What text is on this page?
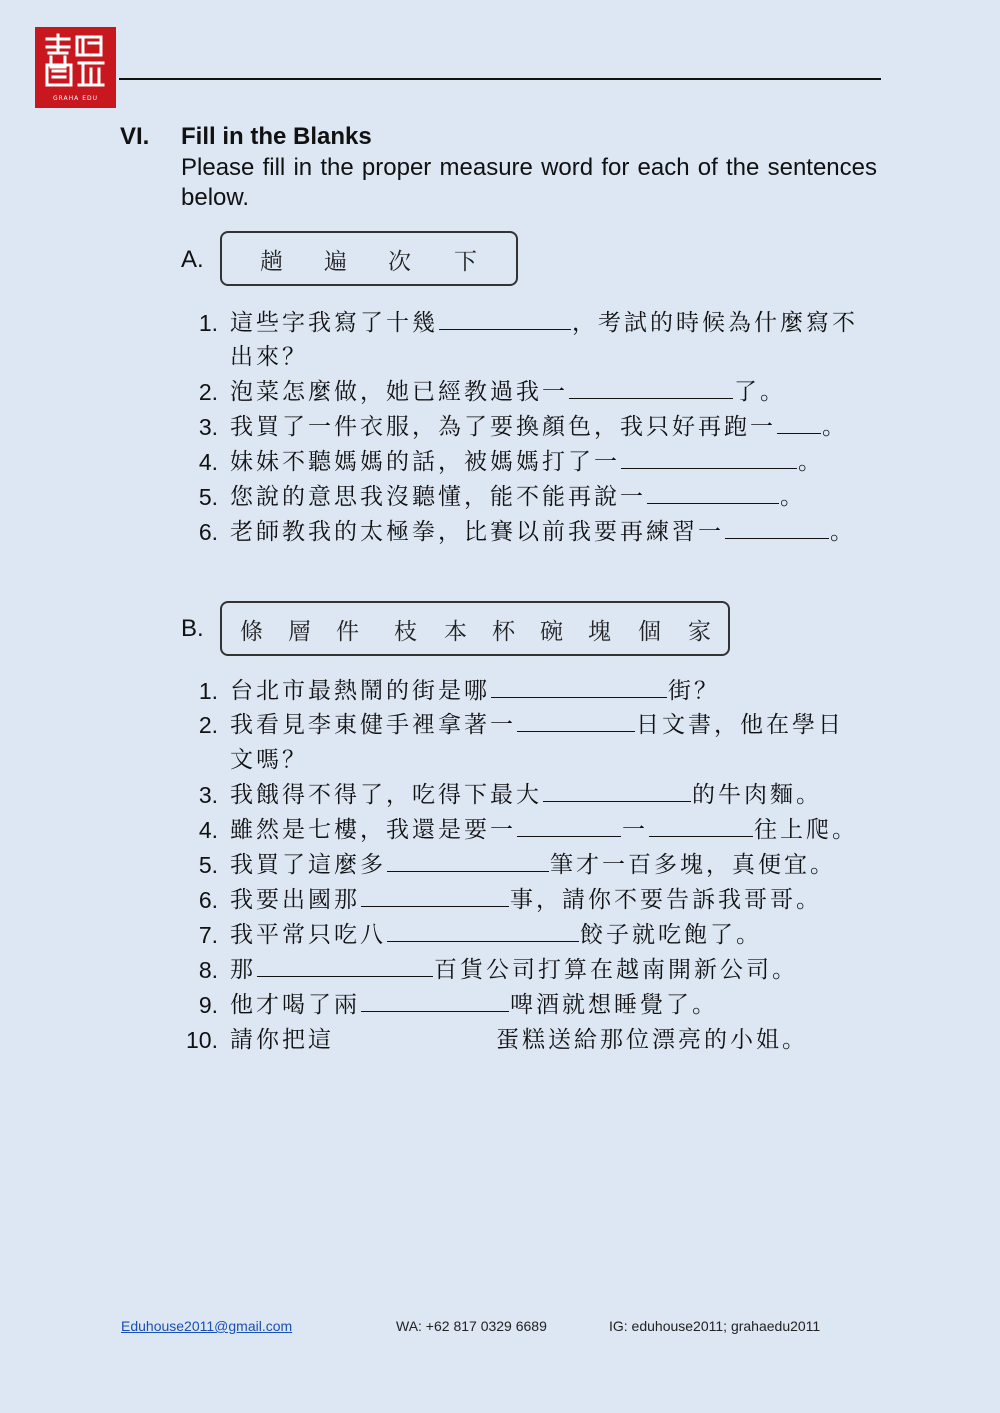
GRAHA EDU
VI. Fill in the Blanks
Please fill in the proper measure word for each of the sentences below.
A. 趟 遍 次 下
1. 這些字我寫了十幾	，考試的時候為什麼寫不
出來？
2. 泡菜怎麼做，她已經教過我一	了。
3. 我買了一件衣服，為了要換顏色，我只好再跑一 。
4. 妹妹不聽媽媽的話，被媽媽打了一	。
5. 您說的意思我沒聽懂，能不能再說一	。
6. 老師教我的太極拳，比賽以前我要再練習一	。
B. 條 層 件 枝 本 杯 碗 塊 個 家
1. 台北市最熱鬧的街是哪	街？
2. 我看見李東健手裡拿著一	日文書，他在學日
文嗎？
3. 我餓得不得了，吃得下最大	的牛肉麵。
4. 雖然是七樓，我還是要一	一	往上爬。
5. 我買了這麼多	筆才一百多塊，真便宜。
6. 我要出國那	事，請你不要告訴我哥哥。
7. 我平常只吃八	餃子就吃飽了。
8. 那	百貨公司打算在越南開新公司。
9. 他才喝了兩	啤酒就想睡覺了。
10. 請你把這	蛋糕送給那位漂亮的小姐。
Eduhouse2011@gmail.com	WA: +62 817 0329 6689	IG: eduhouse2011; grahaedu2011
